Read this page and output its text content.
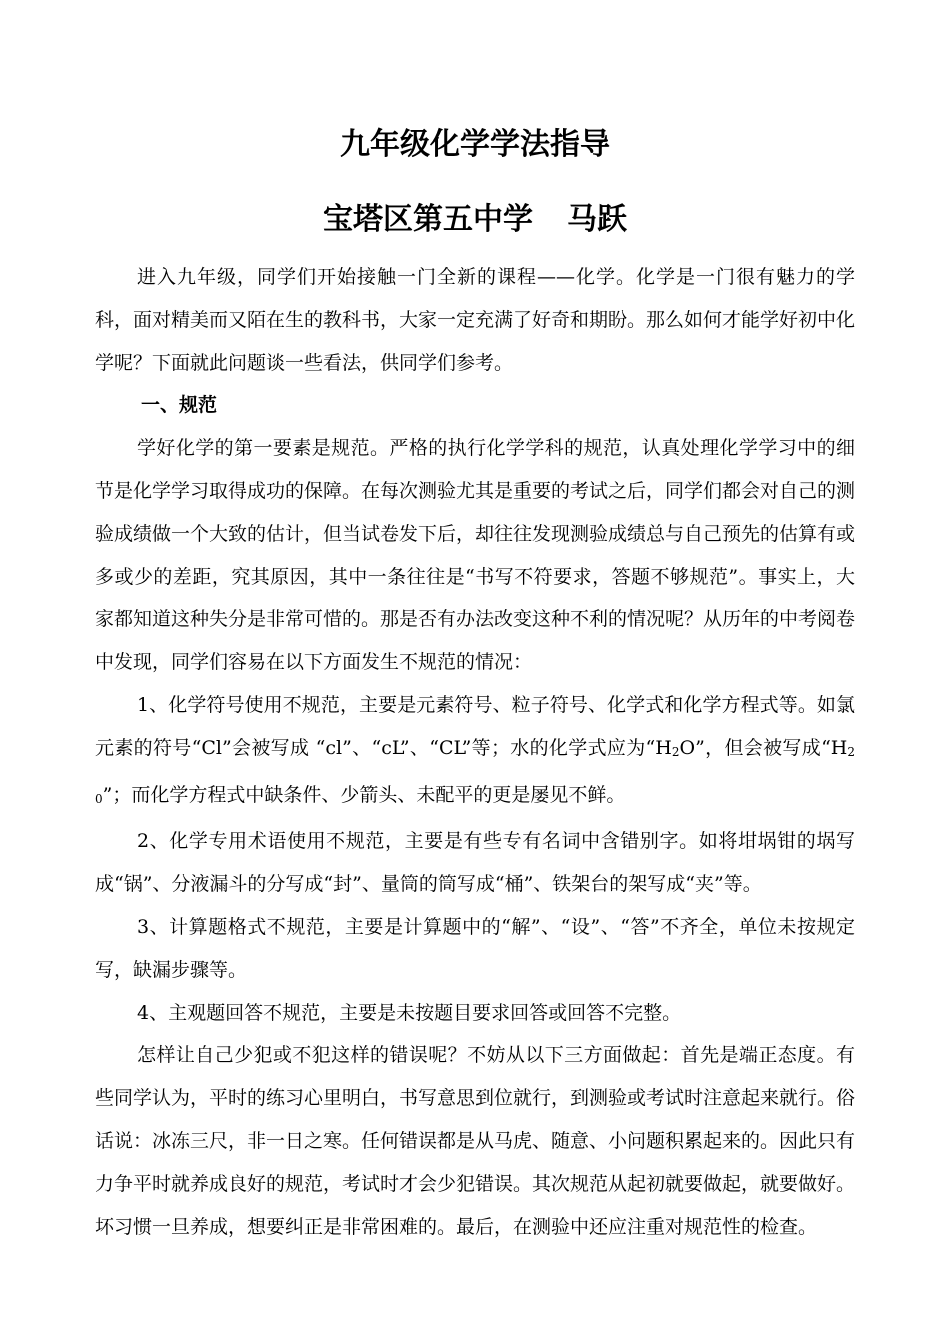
九年级化学学法指导
宝塔区第五中学 马跃

进入九年级，同学们开始接触一门全新的课程——化学。化学是一门很有魅力的学科，面对精美而又陌在生的教科书，大家一定充满了好奇和期盼。那么如何才能学好初中化学呢？下面就此问题谈一些看法，供同学们参考。

一、规范

学好化学的第一要素是规范。严格的执行化学学科的规范，认真处理化学学习中的细节是化学学习取得成功的保障。在每次测验尤其是重要的考试之后，同学们都会对自己的测验成绩做一个大致的估计，但当试卷发下后，却往往发现测验成绩总与自己预先的估算有或多或少的差距，究其原因，其中一条往往是“书写不符要求，答题不够规范”。事实上，大家都知道这种失分是非常可惜的。那是否有办法改变这种不利的情况呢？从历年的中考阅卷中发现，同学们容易在以下方面发生不规范的情况：

1、化学符号使用不规范，主要是元素符号、粒子符号、化学式和化学方程式等。如氯元素的符号“Cl”会被写成 “cl”、“cL”、“CL”等；水的化学式应为“H2O”，但会被写成“H20”；而化学方程式中缺条件、少箭头、未配平的更是屡见不鲜。

2、化学专用术语使用不规范，主要是有些专有名词中含错别字。如将坩埚钳的埚写成“锅”、分液漏斗的分写成“封”、量筒的筒写成“桶”、铁架台的架写成“夹”等。

3、计算题格式不规范，主要是计算题中的“解”、“设”、“答”不齐全，单位未按规定写，缺漏步骤等。

4、主观题回答不规范，主要是未按题目要求回答或回答不完整。

怎样让自己少犯或不犯这样的错误呢？不妨从以下三方面做起：首先是端正态度。有些同学认为，平时的练习心里明白，书写意思到位就行，到测验或考试时注意起来就行。俗话说：冰冻三尺，非一日之寒。任何错误都是从马虎、随意、小问题积累起来的。因此只有力争平时就养成良好的规范，考试时才会少犯错误。其次规范从起初就要做起，就要做好。坏习惯一旦养成，想要纠正是非常困难的。最后，在测验中还应注重对规范性的检查。
